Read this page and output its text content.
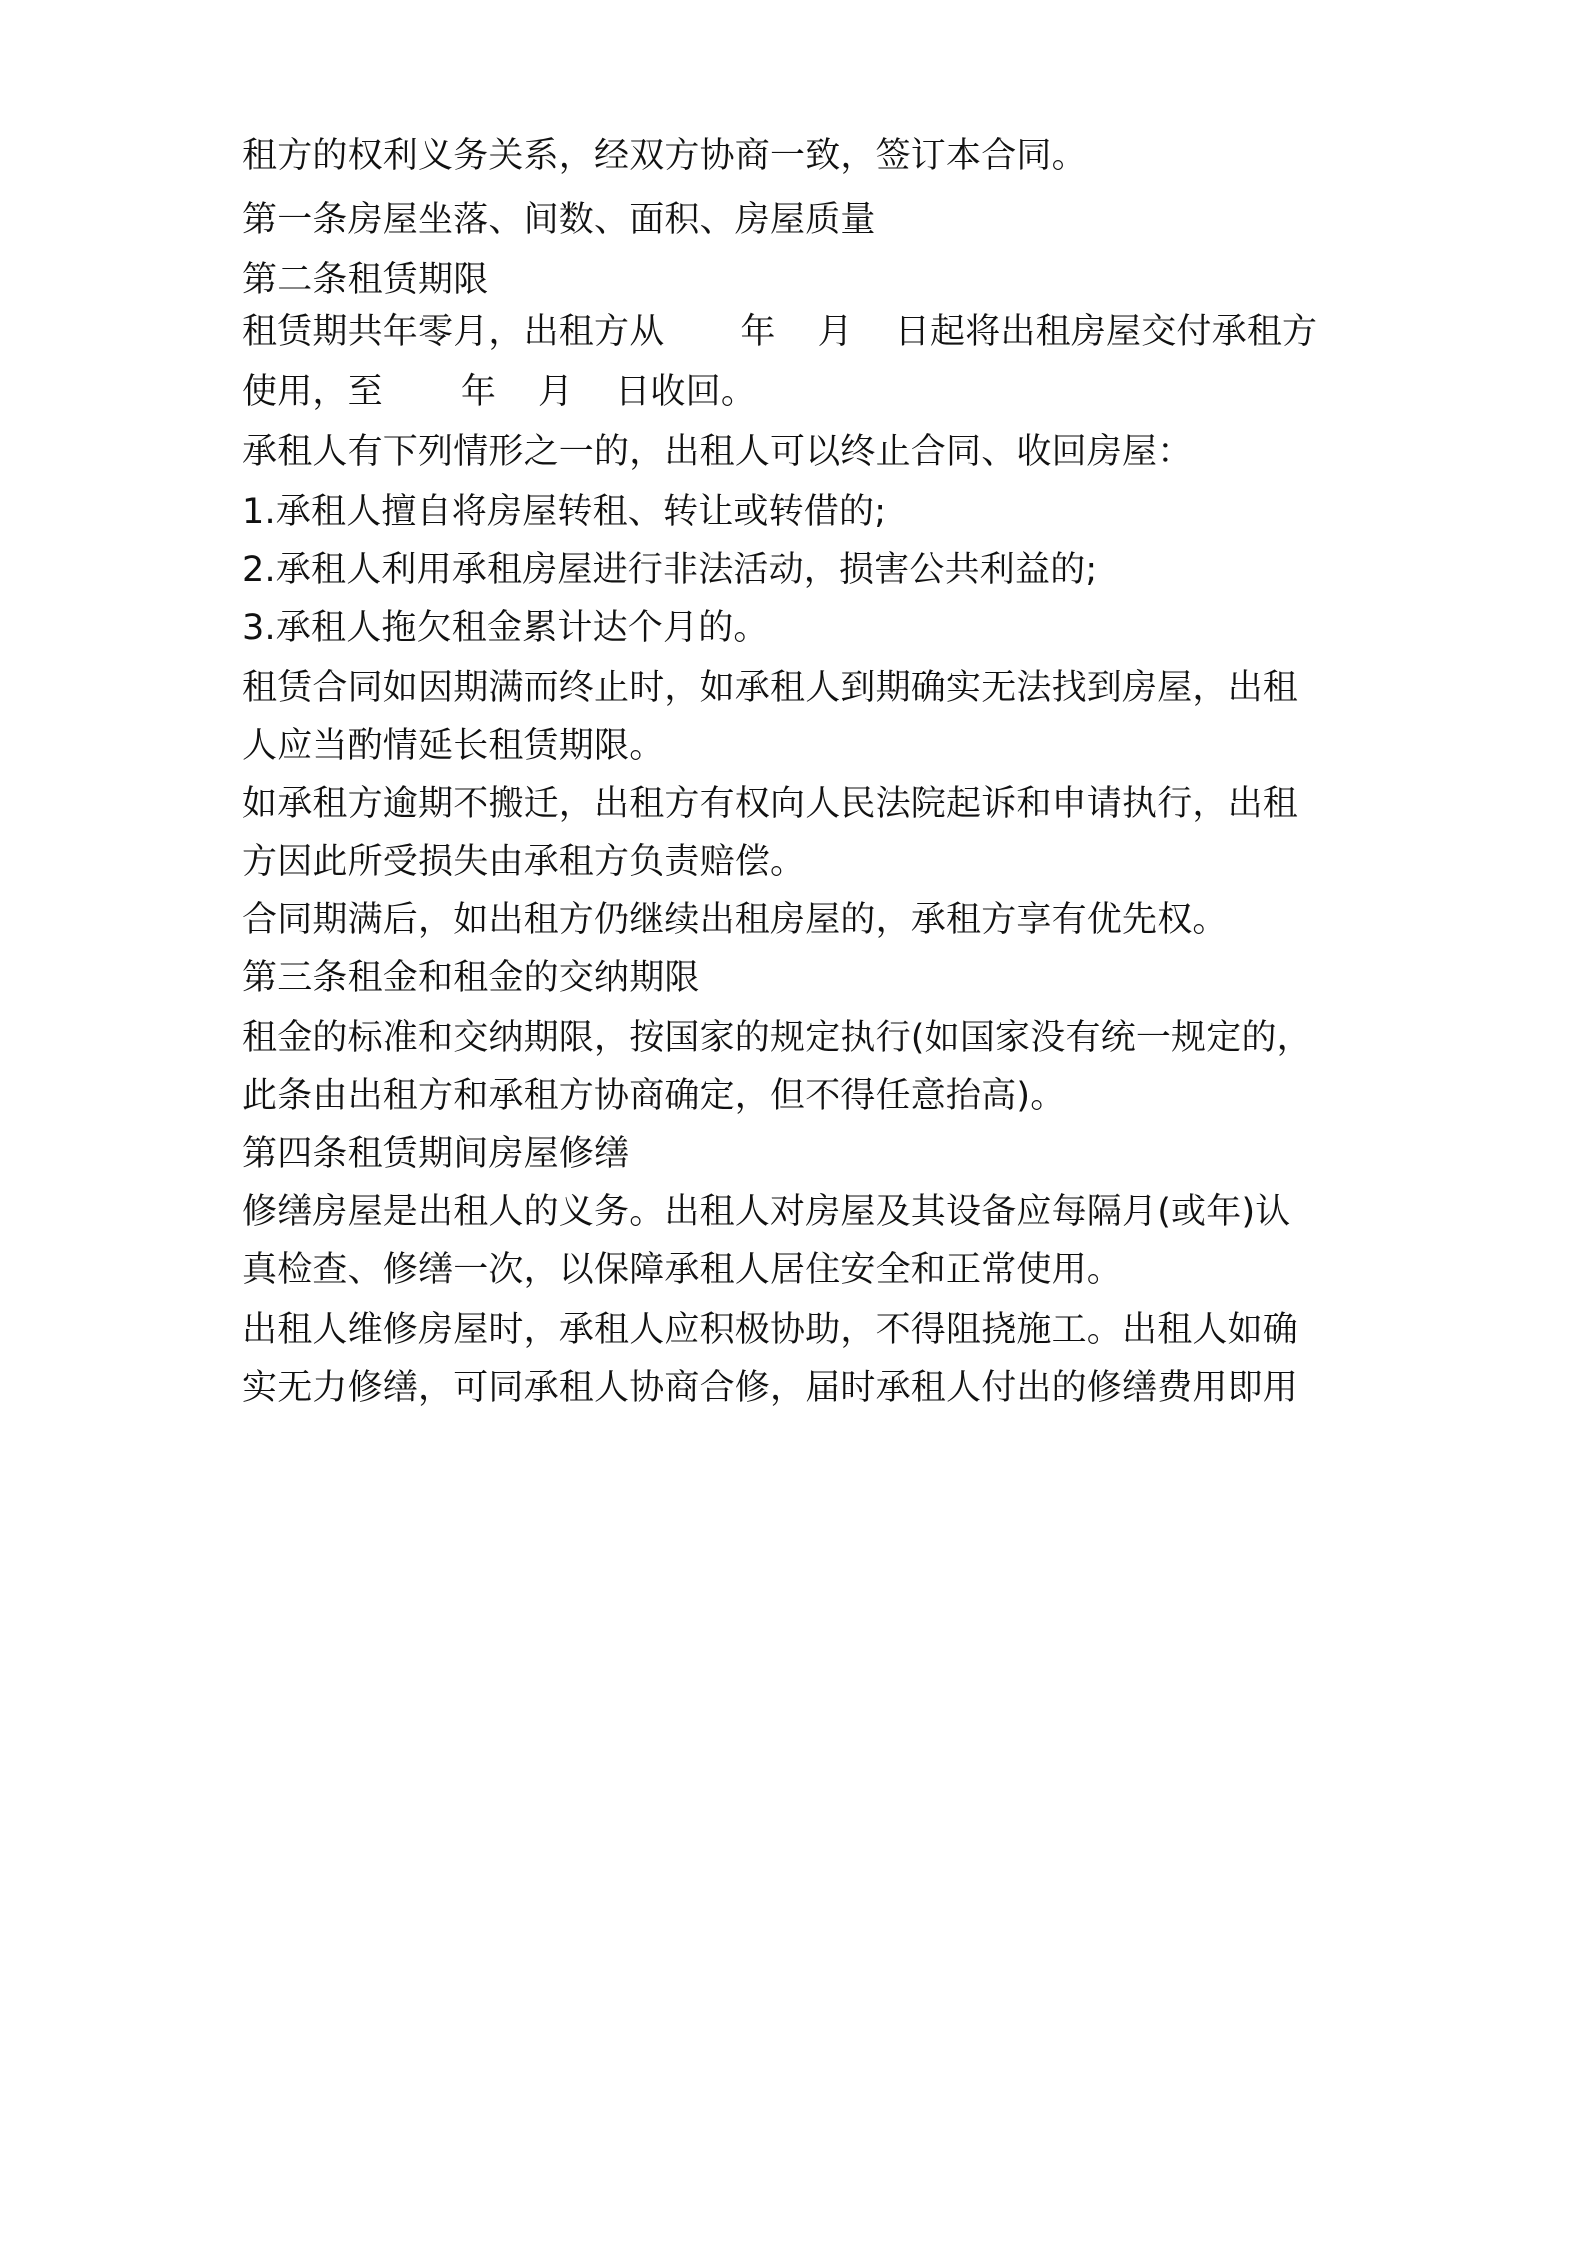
租方的权利义务关系，经双方协商一致，签订本合同。

第一条房屋坐落、间数、面积、房屋质量

第二条租赁期限

租赁期共年零月，出租方从 年 月 日起将出租房屋交付承租方

使用，至 年 月 日收回。

承租人有下列情形之一的，出租人可以终止合同、收回房屋：

1.承租人擅自将房屋转租、转让或转借的;

2.承租人利用承租房屋进行非法活动，损害公共利益的;

3.承租人拖欠租金累计达个月的。

租赁合同如因期满而终止时，如承租人到期确实无法找到房屋，出租

人应当酌情延长租赁期限。

如承租方逾期不搬迁，出租方有权向人民法院起诉和申请执行，出租

方因此所受损失由承租方负责赔偿。

合同期满后，如出租方仍继续出租房屋的，承租方享有优先权。

第三条租金和租金的交纳期限

租金的标准和交纳期限，按国家的规定执行(如国家没有统一规定的，

此条由出租方和承租方协商确定，但不得任意抬高)。

第四条租赁期间房屋修缮

修缮房屋是出租人的义务。出租人对房屋及其设备应每隔月(或年)认

真检查、修缮一次，以保障承租人居住安全和正常使用。

出租人维修房屋时，承租人应积极协助，不得阻挠施工。出租人如确

实无力修缮，可同承租人协商合修，届时承租人付出的修缮费用即用
